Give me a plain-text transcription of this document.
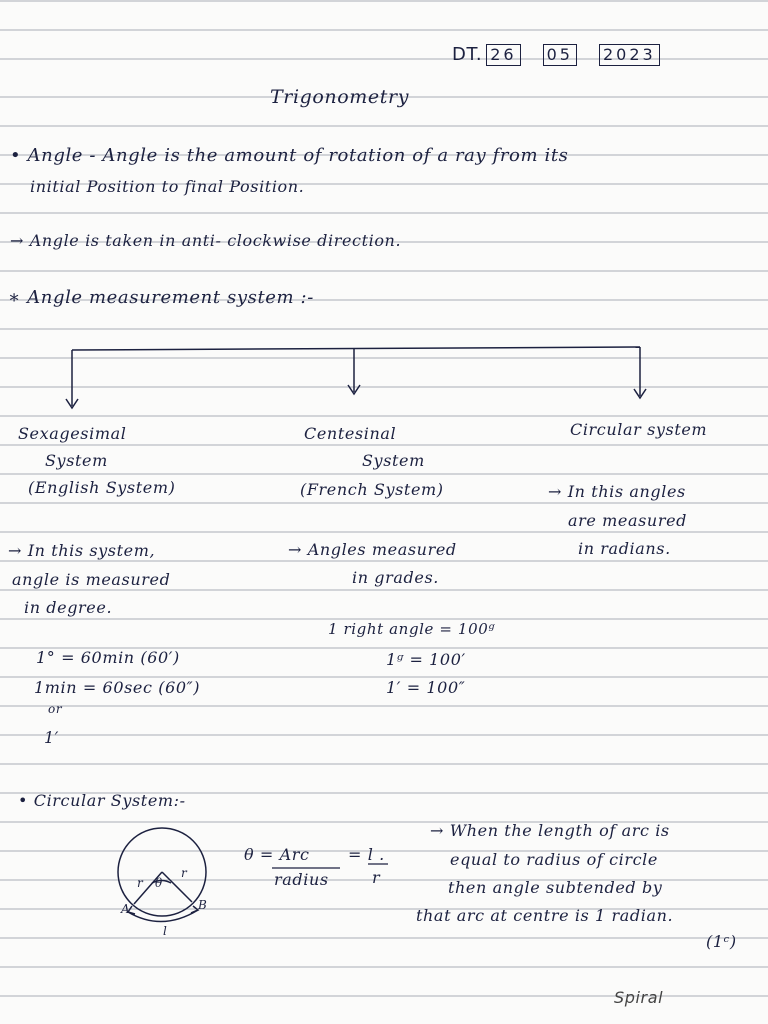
DT. 26 05 2023
Trigonometry
• Angle - Angle is the amount of rotation of a ray from its
initial Position to final Position.
→ Angle is taken in anti- clockwise direction.
∗ Angle measurement system :-
Sexagesimal
System
(English System)
→ In this system,
angle is measured
in degree.
1° = 60min (60′)
1min = 60sec (60″)
or
1′
Centesinal
System
(French System)
→ Angles measured
in grades.
1 right angle = 100ᵍ
1ᵍ = 100′
1′ = 100″
Circular system
→ In this angles
are measured
in radians.
• Circular System:-
θ
r
r
A	B
l
θ = Arc
radius
= l .
r
→ When the length of arc is
equal to radius of circle
then angle subtended by
that arc at centre is 1 radian.
(1ᶜ)
Spiral
